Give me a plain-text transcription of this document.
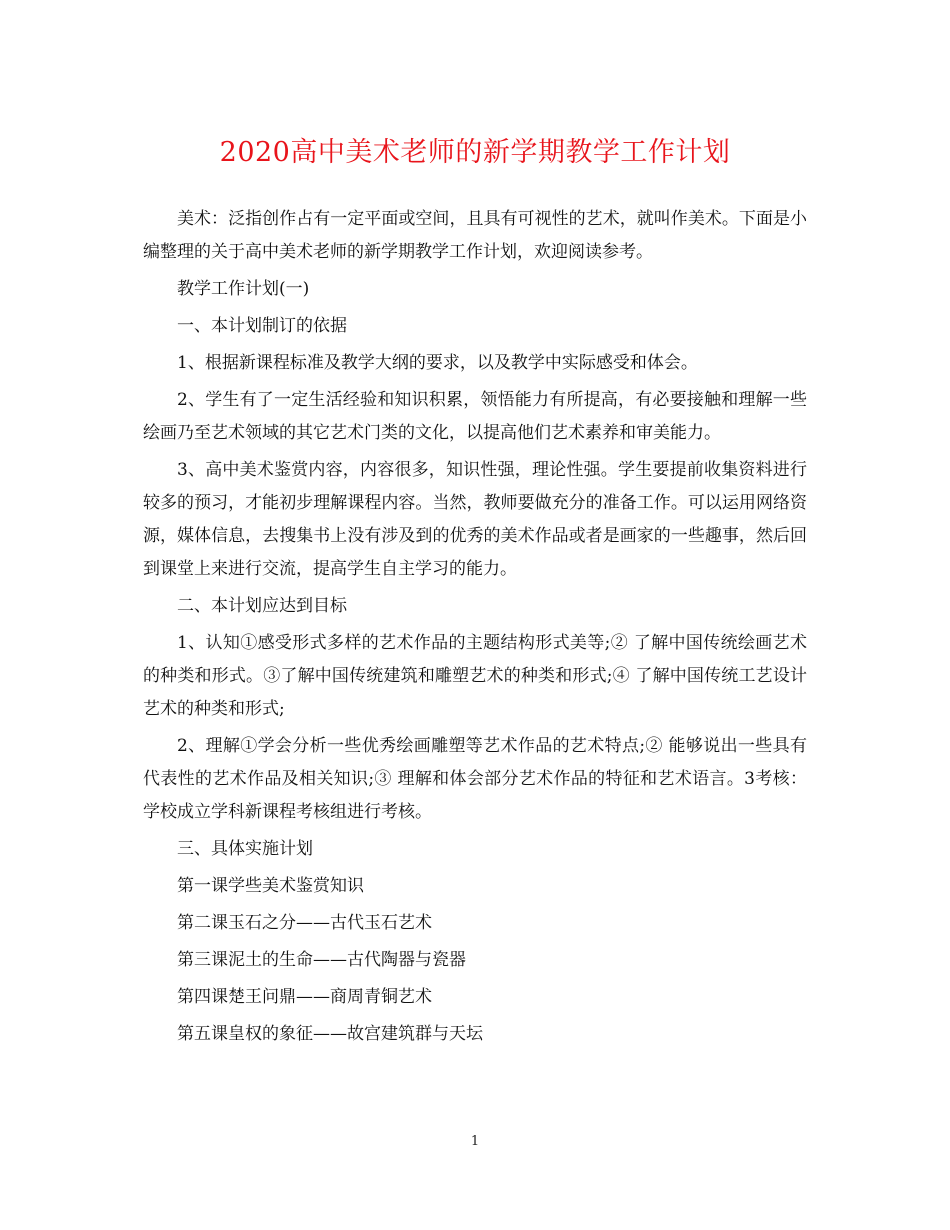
2020高中美术老师的新学期教学工作计划

美术：泛指创作占有一定平面或空间，且具有可视性的艺术，就叫作美术。下面是小编整理的关于高中美术老师的新学期教学工作计划，欢迎阅读参考。

教学工作计划(一)

一、本计划制订的依据

1、根据新课程标准及教学大纲的要求，以及教学中实际感受和体会。

2、学生有了一定生活经验和知识积累，领悟能力有所提高，有必要接触和理解一些绘画乃至艺术领域的其它艺术门类的文化，以提高他们艺术素养和审美能力。

3、高中美术鉴赏内容，内容很多，知识性强，理论性强。学生要提前收集资料进行较多的预习，才能初步理解课程内容。当然，教师要做充分的准备工作。可以运用网络资源，媒体信息，去搜集书上没有涉及到的优秀的美术作品或者是画家的一些趣事，然后回到课堂上来进行交流，提高学生自主学习的能力。

二、本计划应达到目标

1、认知①感受形式多样的艺术作品的主题结构形式美等;② 了解中国传统绘画艺术的种类和形式。③了解中国传统建筑和雕塑艺术的种类和形式;④ 了解中国传统工艺设计艺术的种类和形式;

2、理解①学会分析一些优秀绘画雕塑等艺术作品的艺术特点;② 能够说出一些具有代表性的艺术作品及相关知识;③ 理解和体会部分艺术作品的特征和艺术语言。3考核：学校成立学科新课程考核组进行考核。

三、具体实施计划

第一课学些美术鉴赏知识

第二课玉石之分——古代玉石艺术

第三课泥土的生命——古代陶器与瓷器

第四课楚王问鼎——商周青铜艺术

第五课皇权的象征——故宫建筑群与天坛

1
